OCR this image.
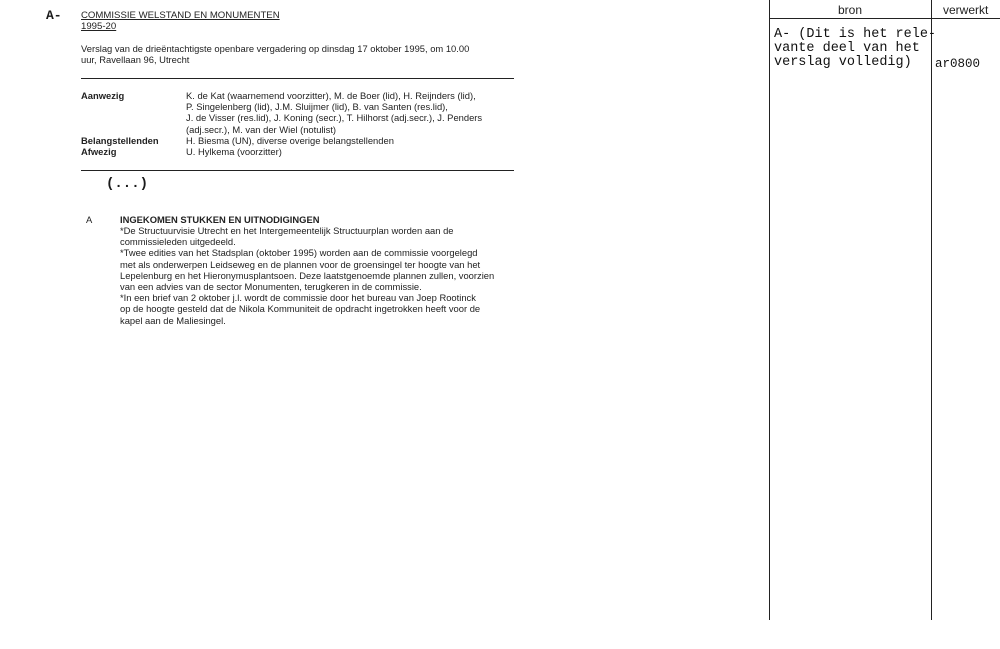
A- COMMISSIE WELSTAND EN MONUMENTEN
1995-20
Verslag van de drieëntachtigste openbare vergadering op dinsdag 17 oktober 1995, om 10.00
uur, Ravellaan 96, Utrecht
Aanwezig	K. de Kat (waarnemend voorzitter), M. de Boer (lid), H. Reijnders (lid),
P. Singelenberg (lid), J.M. Sluijmer (lid), B. van Santen (res.lid),
J. de Visser (res.lid), J. Koning (secr.), T. Hilhorst (adj.secr.), J. Penders
(adj.secr.), M. van der Wiel (notulist)
Belangstellenden	H. Biesma (UN), diverse overige belangstellenden
Afwezig	U. Hylkema (voorzitter)
(...)
A	INGEKOMEN STUKKEN EN UITNODIGINGEN
*De Structuurvisie Utrecht en het Intergemeentelijk Structuurplan worden aan de
commissieleden uitgedeeld.
*Twee edities van het Stadsplan (oktober 1995) worden aan de commissie voorgelegd
met als onderwerpen Leidseweg en de plannen voor de groensingel ter hoogte van het
Lepelenburg en het Hieronymusplantsoen. Deze laatstgenoemde plannen zullen, voorzien
van een advies van de sector Monumenten, terugkeren in de commissie.
*In een brief van 2 oktober j.l. wordt de commissie door het bureau van Joep Rootinck
op de hoogte gesteld dat de Nikola Kommuniteit de opdracht ingetrokken heeft voor de
kapel aan de Maliesingel.
bron	verwerkt
A- (Dit is het rele-
vante deel van het
verslag volledig)	ar0800
